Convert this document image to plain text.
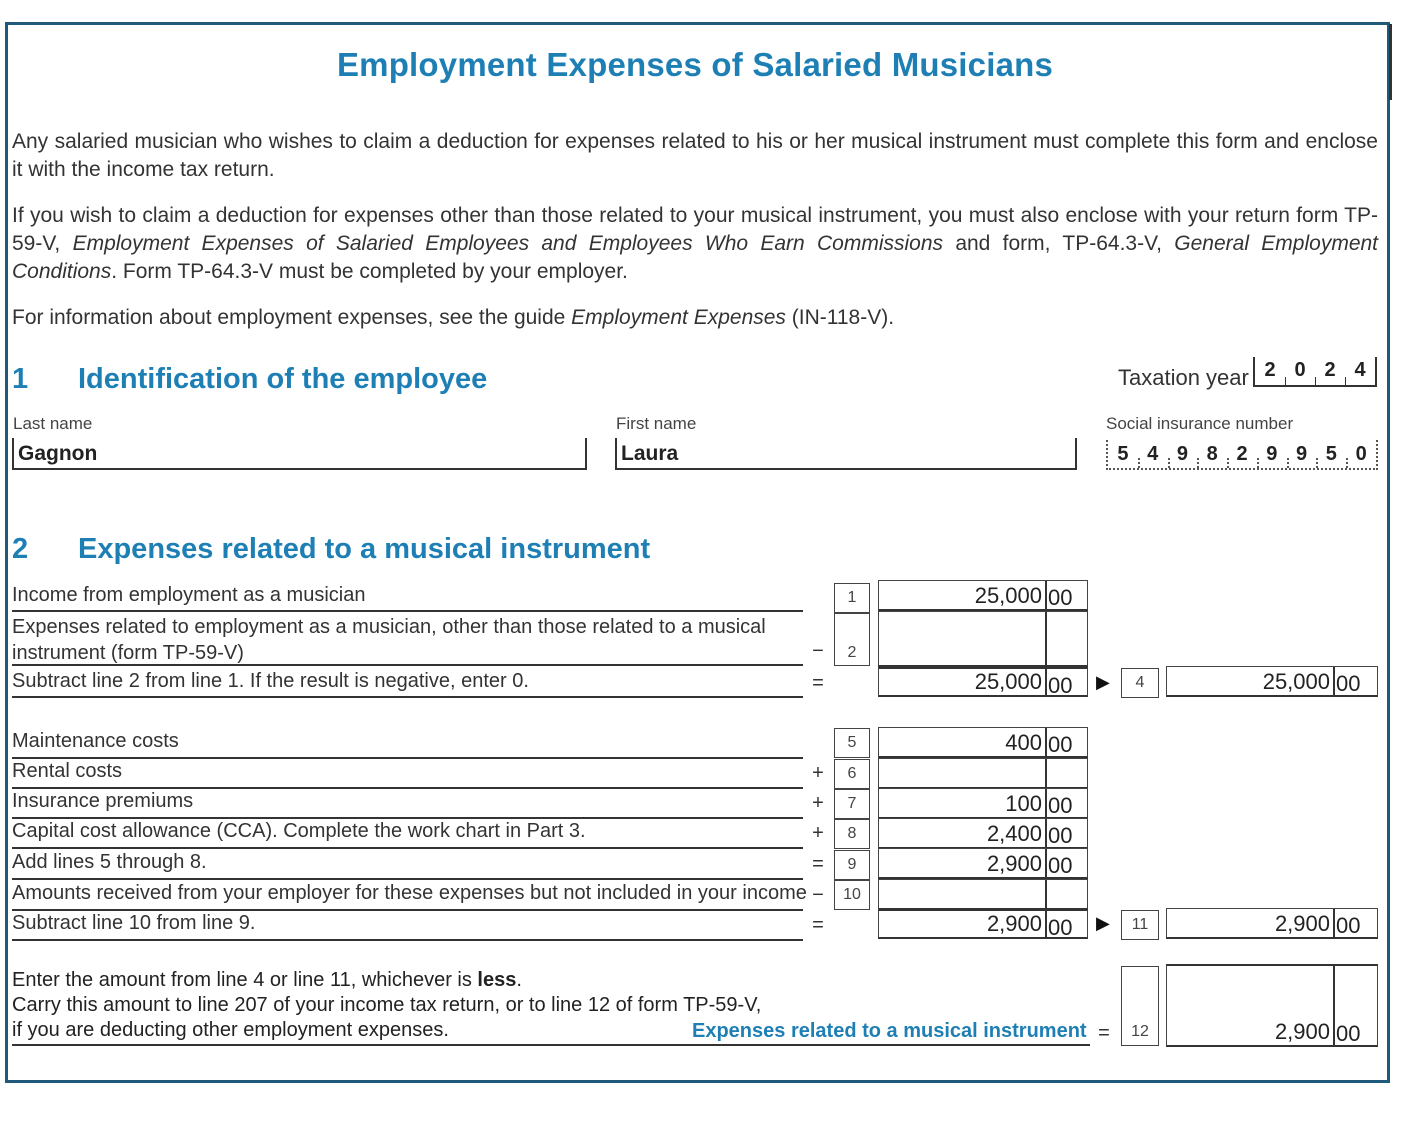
Employment Expenses of Salaried Musicians
Any salaried musician who wishes to claim a deduction for expenses related to his or her musical instrument must complete this form and enclose it with the income tax return.
If you wish to claim a deduction for expenses other than those related to your musical instrument, you must also enclose with your return form TP-59-V, Employment Expenses of Salaried Employees and Employees Who Earn Commissions and form, TP-64.3-V, General Employment Conditions. Form TP-64.3-V must be completed by your employer.
For information about employment expenses, see the guide Employment Expenses (IN-118-V).
1 Identification of the employee	Taxation year 2 0 2 4
Last name
Gagnon
First name
Laura
Social insurance number
5 4 9 8 2 9 9 5 0
2 Expenses related to a musical instrument
Income from employment as a musician	1	25,000 00
Expenses related to employment as a musician, other than those related to a musical
instrument (form TP-59-V)	−	2
Subtract line 2 from line 1. If the result is negative, enter 0.	=	25,000 00	▶	4	25,000 00
Maintenance costs	5	400 00
Rental costs	+	6
Insurance premiums	+	7	100 00
Capital cost allowance (CCA). Complete the work chart in Part 3.	+	8	2,400 00
Add lines 5 through 8.	=	9	2,900 00
Amounts received from your employer for these expenses but not included in your income −	10
Subtract line 10 from line 9.	=	2,900 00	▶	11	2,900 00
Enter the amount from line 4 or line 11, whichever is less.
Carry this amount to line 207 of your income tax return, or to line 12 of form TP-59-V,
if you are deducting other employment expenses.	Expenses related to a musical instrument =	12	2,900 00
